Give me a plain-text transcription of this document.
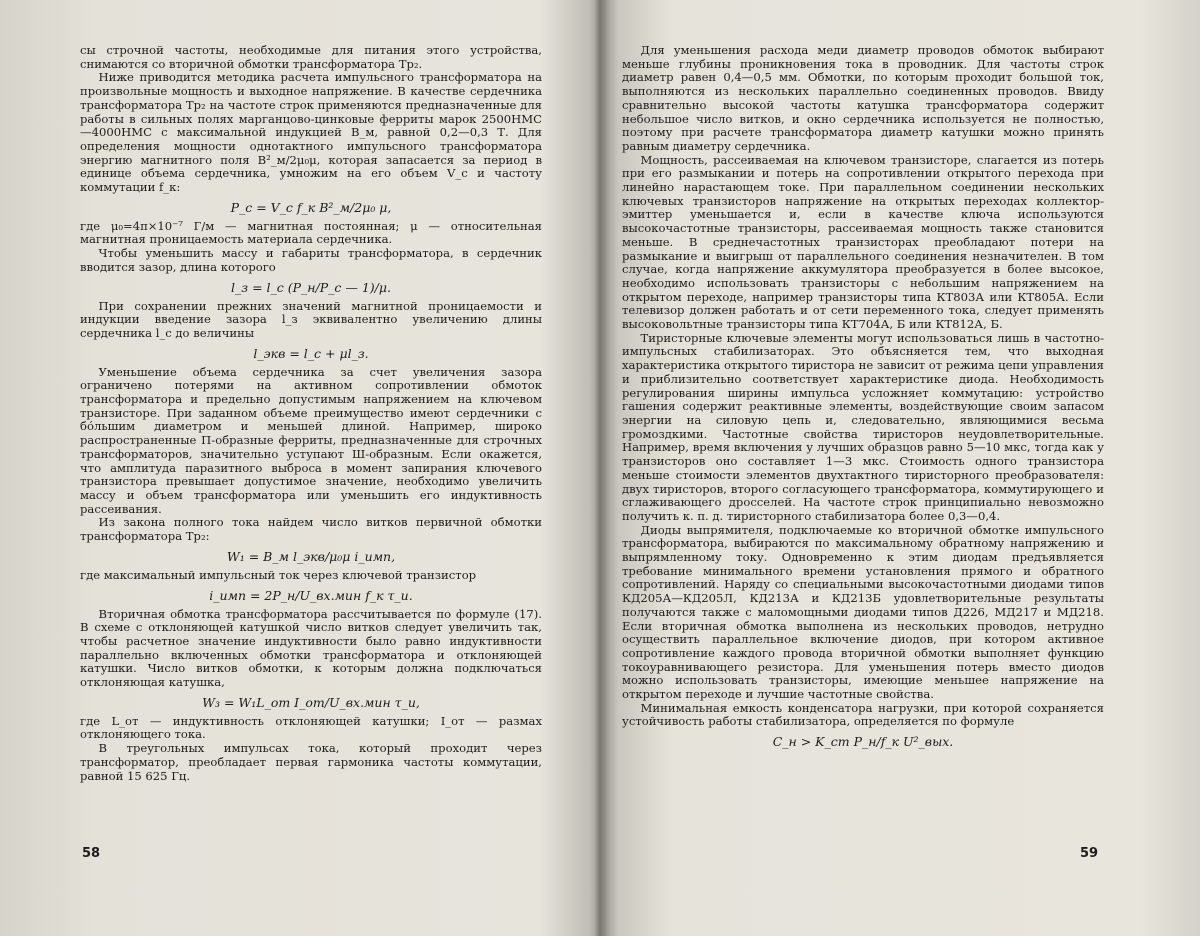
сы строчной частоты, необходимые для питания этого устройства, снимаются со вторичной обмотки трансформатора Тр₂.

Ниже приводится методика расчета импульсного трансформатора на произвольные мощность и выходное напряжение. В качестве сердечника трансформатора Тр₂ на частоте строк применяются предназначенные для работы в сильных полях марганцово-цинковые ферриты марок 2500НМС—4000НМС с максимальной индукцией B_м, равной 0,2—0,3 Т. Для определения мощности однотактного импульсного трансформатора энергию магнитного поля B²_м/2μ₀μ, которая запасается за период в единице объема сердечника, умножим на его объем V_c и частоту коммутации f_к:

P_c = V_c f_к B²_м/2μ₀ μ,

где μ₀=4π×10⁻⁷ Г/м — магнитная постоянная; μ — относительная магнитная проницаемость материала сердечника.

Чтобы уменьшить массу и габариты трансформатора, в сердечник вводится зазор, длина которого

l_з = l_c (P_н/P_c — 1)/μ.

При сохранении прежних значений магнитной проницаемости и индукции введение зазора l_з эквивалентно увеличению длины сердечника l_c до величины

l_экв = l_c + μl_з.

Уменьшение объема сердечника за счет увеличения зазора ограничено потерями на активном сопротивлении обмоток трансформатора и предельно допустимым напряжением на ключевом транзисторе. При заданном объеме преимущество имеют сердечники с бо́льшим диаметром и меньшей длиной. Например, широко распространенные П-образные ферриты, предназначенные для строчных трансформаторов, значительно уступают Ш-образным. Если окажется, что амплитуда паразитного выброса в момент запирания ключевого транзистора превышает допустимое значение, необходимо увеличить массу и объем трансформатора или уменьшить его индуктивность рассеивания.

Из закона полного тока найдем число витков первичной обмотки трансформатора Тр₂:

W₁ = B_м l_экв/μ₀μ i_имп,

где максимальный импульсный ток через ключевой транзистор

i_имп = 2P_н/U_вх.мин f_к τ_и.

Вторичная обмотка трансформатора рассчитывается по формуле (17). В схеме с отклоняющей катушкой число витков следует увеличить так, чтобы расчетное значение индуктивности было равно индуктивности параллельно включенных обмотки трансформатора и отклоняющей катушки. Число витков обмотки, к которым должна подключаться отклоняющая катушка,

W₃ = W₁L_от I_от/U_вх.мин τ_и,

где L_от — индуктивность отклоняющей катушки; I_от — размах отклоняющего тока.

В треугольных импульсах тока, который проходит через трансформатор, преобладает первая гармоника частоты коммутации, равной 15 625 Гц.

58

Для уменьшения расхода меди диаметр проводов обмоток выбирают меньше глубины проникновения тока в проводник. Для частоты строк диаметр равен 0,4—0,5 мм. Обмотки, по которым проходит большой ток, выполняются из нескольких параллельно соединенных проводов. Ввиду сравнительно высокой частоты катушка трансформатора содержит небольшое число витков, и окно сердечника используется не полностью, поэтому при расчете трансформатора диаметр катушки можно принять равным диаметру сердечника.

Мощность, рассеиваемая на ключевом транзисторе, слагается из потерь при его размыкании и потерь на сопротивлении открытого перехода при линейно нарастающем токе. При параллельном соединении нескольких ключевых транзисторов напряжение на открытых переходах коллектор-эмиттер уменьшается и, если в качестве ключа используются высокочастотные транзисторы, рассеиваемая мощность также становится меньше. В среднечастотных транзисторах преобладают потери на размыкание и выигрыш от параллельного соединения незначителен. В том случае, когда напряжение аккумулятора преобразуется в более высокое, необходимо использовать транзисторы с небольшим напряжением на открытом переходе, например транзисторы типа КТ803А или КТ805А. Если телевизор должен работать и от сети переменного тока, следует применять высоковольтные транзисторы типа КТ704А, Б или КТ812А, Б.

Тиристорные ключевые элементы могут использоваться лишь в частотно-импульсных стабилизаторах. Это объясняется тем, что выходная характеристика открытого тиристора не зависит от режима цепи управления и приблизительно соответствует характеристике диода. Необходимость регулирования ширины импульса усложняет коммутацию: устройство гашения содержит реактивные элементы, воздействующие своим запасом энергии на силовую цепь и, следовательно, являющимися весьма громоздкими. Частотные свойства тиристоров неудовлетворительные. Например, время включения у лучших образцов равно 5—10 мкс, тогда как у транзисторов оно составляет 1—3 мкс. Стоимость одного транзистора меньше стоимости элементов двухтактного тиристорного преобразователя: двух тиристоров, второго согласующего трансформатора, коммутирующего и сглаживающего дросселей. На частоте строк принципиально невозможно получить к. п. д. тиристорного стабилизатора более 0,3—0,4.

Диоды выпрямителя, подключаемые ко вторичной обмотке импульсного трансформатора, выбираются по максимальному обратному напряжению и выпрямленному току. Одновременно к этим диодам предъявляется требование минимального времени установления прямого и обратного сопротивлений. Наряду со специальными высокочастотными диодами типов КД205А—КД205Л, КД213А и КД213Б удовлетворительные результаты получаются также с маломощными диодами типов Д226, МД217 и МД218. Если вторичная обмотка выполнена из нескольких проводов, нетрудно осуществить параллельное включение диодов, при котором активное сопротивление каждого провода вторичной обмотки выполняет функцию токоуравнивающего резистора. Для уменьшения потерь вместо диодов можно использовать транзисторы, имеющие меньшее напряжение на открытом переходе и лучшие частотные свойства.

Минимальная емкость конденсатора нагрузки, при которой сохраняется устойчивость работы стабилизатора, определяется по формуле

C_н > K_ст P_н/f_к U²_вых.
59
